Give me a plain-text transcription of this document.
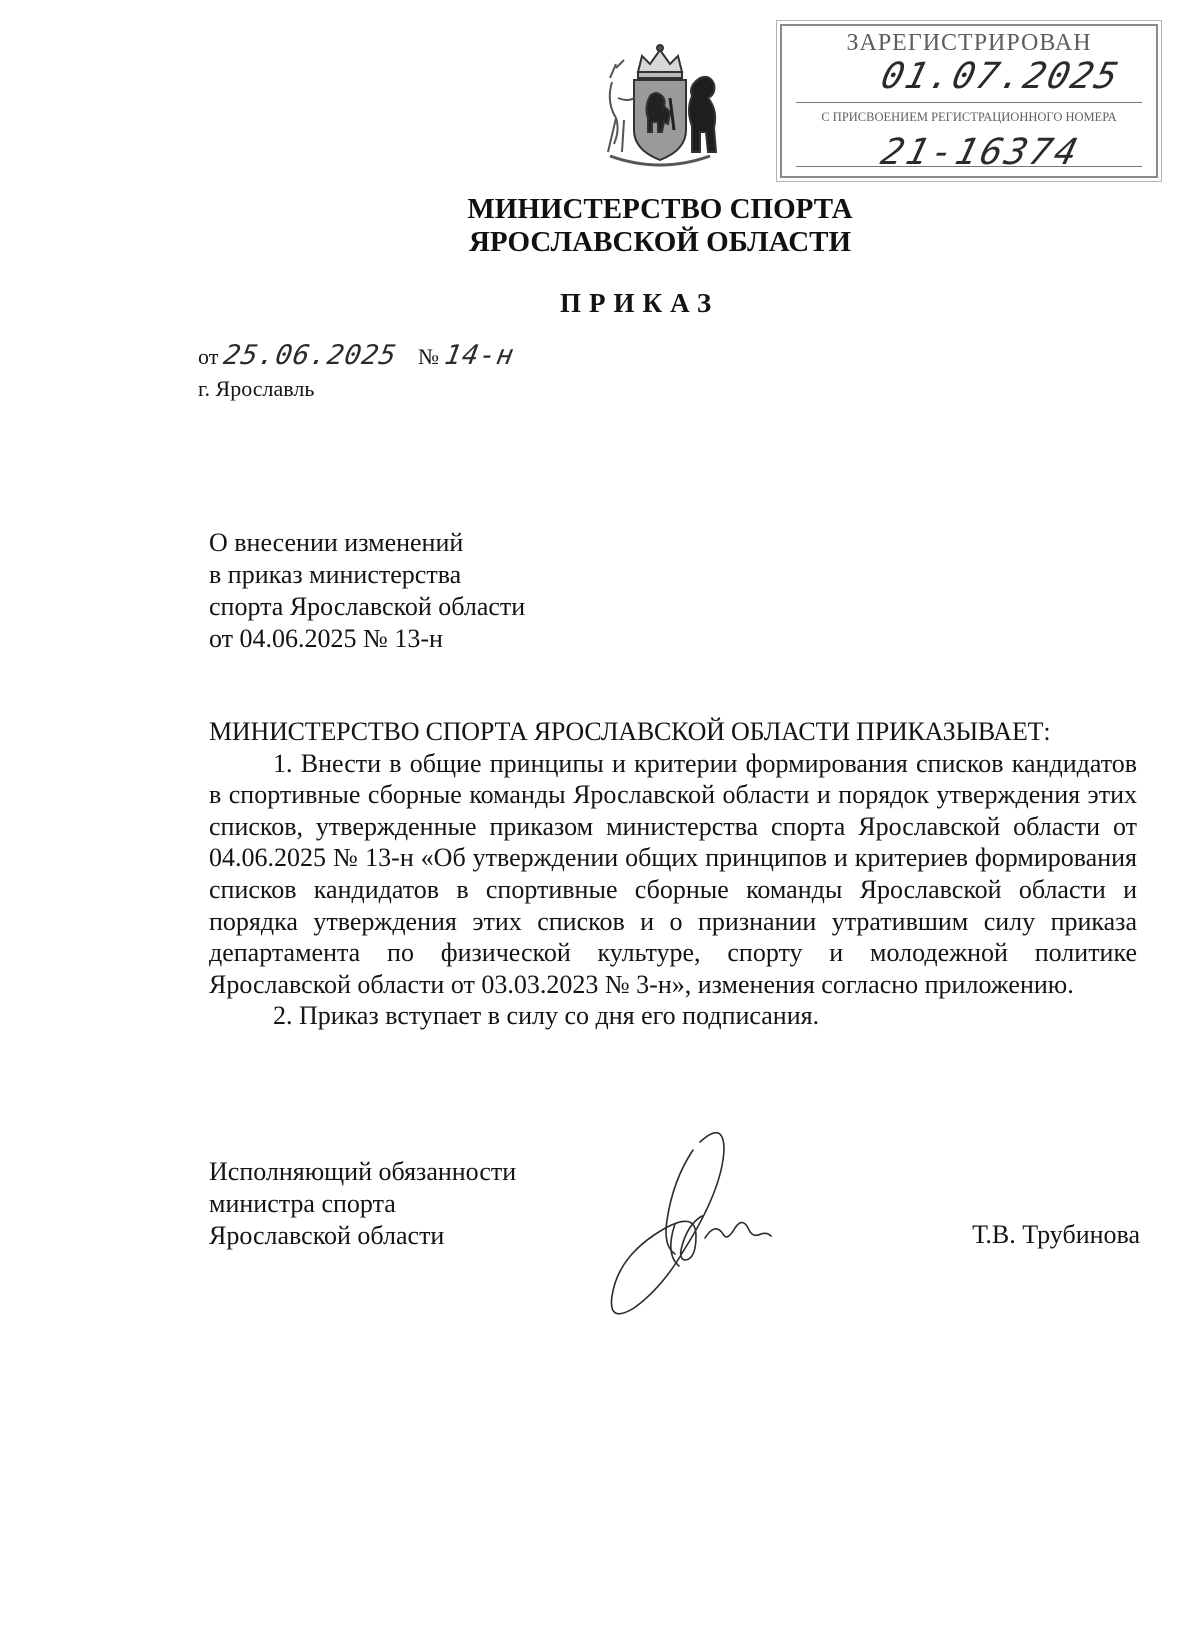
ЗАРЕГИСТРИРОВАН
01.07.2025
С ПРИСВОЕНИЕМ РЕГИСТРАЦИОННОГО НОМЕРА
21-16374
МИНИСТЕРСТВО СПОРТА
ЯРОСЛАВСКОЙ ОБЛАСТИ
ПРИКАЗ
от 25.06.2025 № 14-н
г. Ярославль
О внесении изменений
в приказ министерства
спорта Ярославской области
от 04.06.2025 № 13-н
МИНИСТЕРСТВО СПОРТА ЯРОСЛАВСКОЙ ОБЛАСТИ ПРИКАЗЫВАЕТ:

1. Внести в общие принципы и критерии формирования списков кандидатов в спортивные сборные команды Ярославской области и порядок утверждения этих списков, утвержденные приказом министерства спорта Ярославской области от 04.06.2025 № 13-н «Об утверждении общих принципов и критериев формирования списков кандидатов в спортивные сборные команды Ярославской области и порядка утверждения этих списков и о признании утратившим силу приказа департамента по физической культуре, спорту и молодежной политике Ярославской области от 03.03.2023 № 3-н», изменения согласно приложению.

2. Приказ вступает в силу со дня его подписания.

Исполняющий обязанности
министра спорта
Ярославской области	Т.В. Трубинова
